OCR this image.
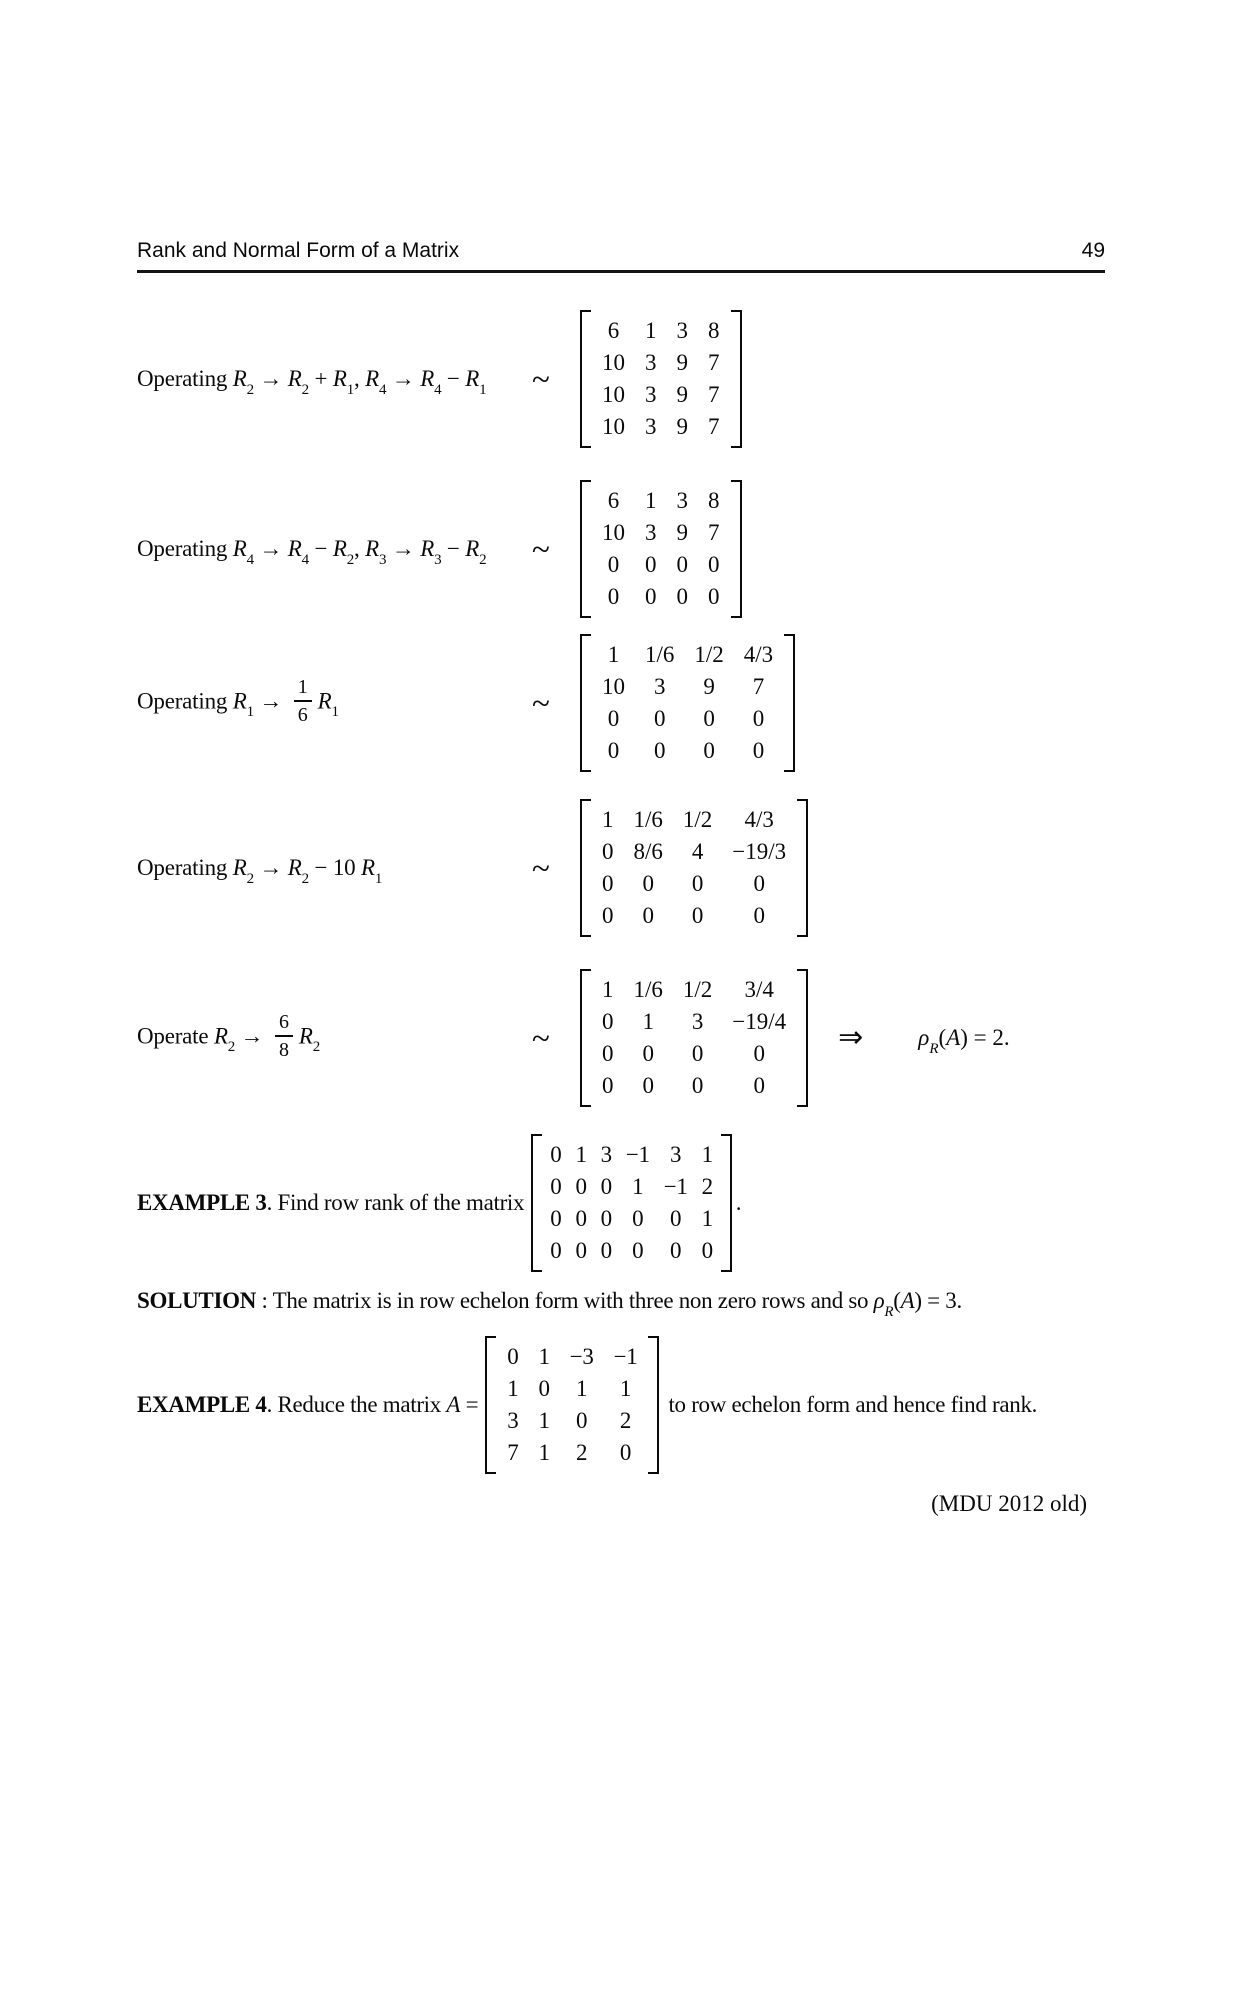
Rank and Normal Form of a Matrix	49
Operating $R_2 \to R_2 + R_1$, $R_4 \to R_4 - R_1$	~
6	1	3	8
10	3	9	7
10	3	9	7
10	3	9	7
Operating $R_4 \to R_4 - R_2$, $R_3 \to R_3 - R_2$	~
6	1	3	8
10	3	9	7
0	0	0	0
0	0	0	0
Operating $R_1 \to \frac{1}{6} R_1$	~
1	1/6	1/2	4/3
10	3	9	7
0	0	0	0
0	0	0	0
Operating $R_2 \to R_2 - 10$ $R_1$	~
1	1/6	1/2	4/3
0	8/6	4	−19/3
0	0	0	0
0	0	0	0
Operate $R_2 \to \frac{6}{8} R_2$	~
1	1/6	1/2	3/4
0	1	3	−19/4
0	0	0	0
0	0	0	0
⇒ $\rho_R(A) = 2$.
EXAMPLE 3. Find row rank of the matrix
0	1	3	−1	3	1
0	0	0	1	−1	2
0	0	0	0	0	1
0	0	0	0	0	0
.
SOLUTION : The matrix is in row echelon form with three non zero rows and so $\rho_R(A) = 3$.
EXAMPLE 4. Reduce the matrix A =
0	1	−3	−1
1	0	1	1
3	1	0	2
7	1	2	0
to row echelon form and hence find rank.
(MDU 2012 old)
